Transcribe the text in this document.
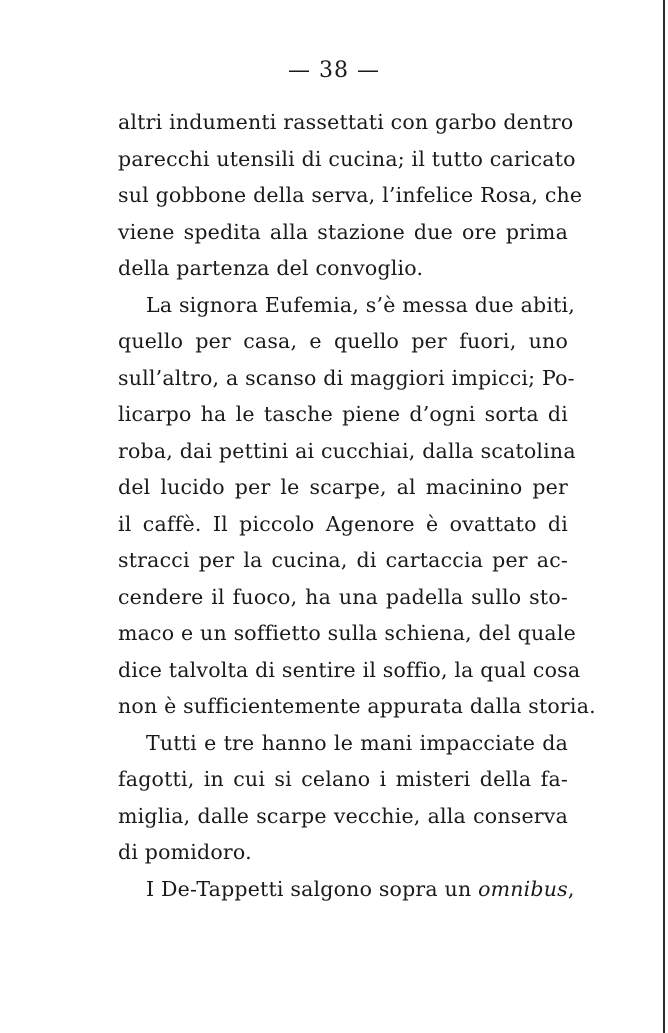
— 38 —
altri indumenti rassettati con garbo dentro
parecchi utensili di cucina; il tutto caricato
sul gobbone della serva, l’infelice Rosa, che
viene spedita alla stazione due ore prima
della partenza del convoglio.
La signora Eufemia, s’è messa due abiti,
quello per casa, e quello per fuori, uno
sull’altro, a scanso di maggiori impicci; Po-
licarpo ha le tasche piene d’ogni sorta di
roba, dai pettini ai cucchiai, dalla scatolina
del lucido per le scarpe, al macinino per
il caffè. Il piccolo Agenore è ovattato di
stracci per la cucina, di cartaccia per ac-
cendere il fuoco, ha una padella sullo sto-
maco e un soffietto sulla schiena, del quale
dice talvolta di sentire il soffio, la qual cosa
non è sufficientemente appurata dalla storia.
Tutti e tre hanno le mani impacciate da
fagotti, in cui si celano i misteri della fa-
miglia, dalle scarpe vecchie, alla conserva
di pomidoro.
I De-Tappetti salgono sopra un omnibus,
